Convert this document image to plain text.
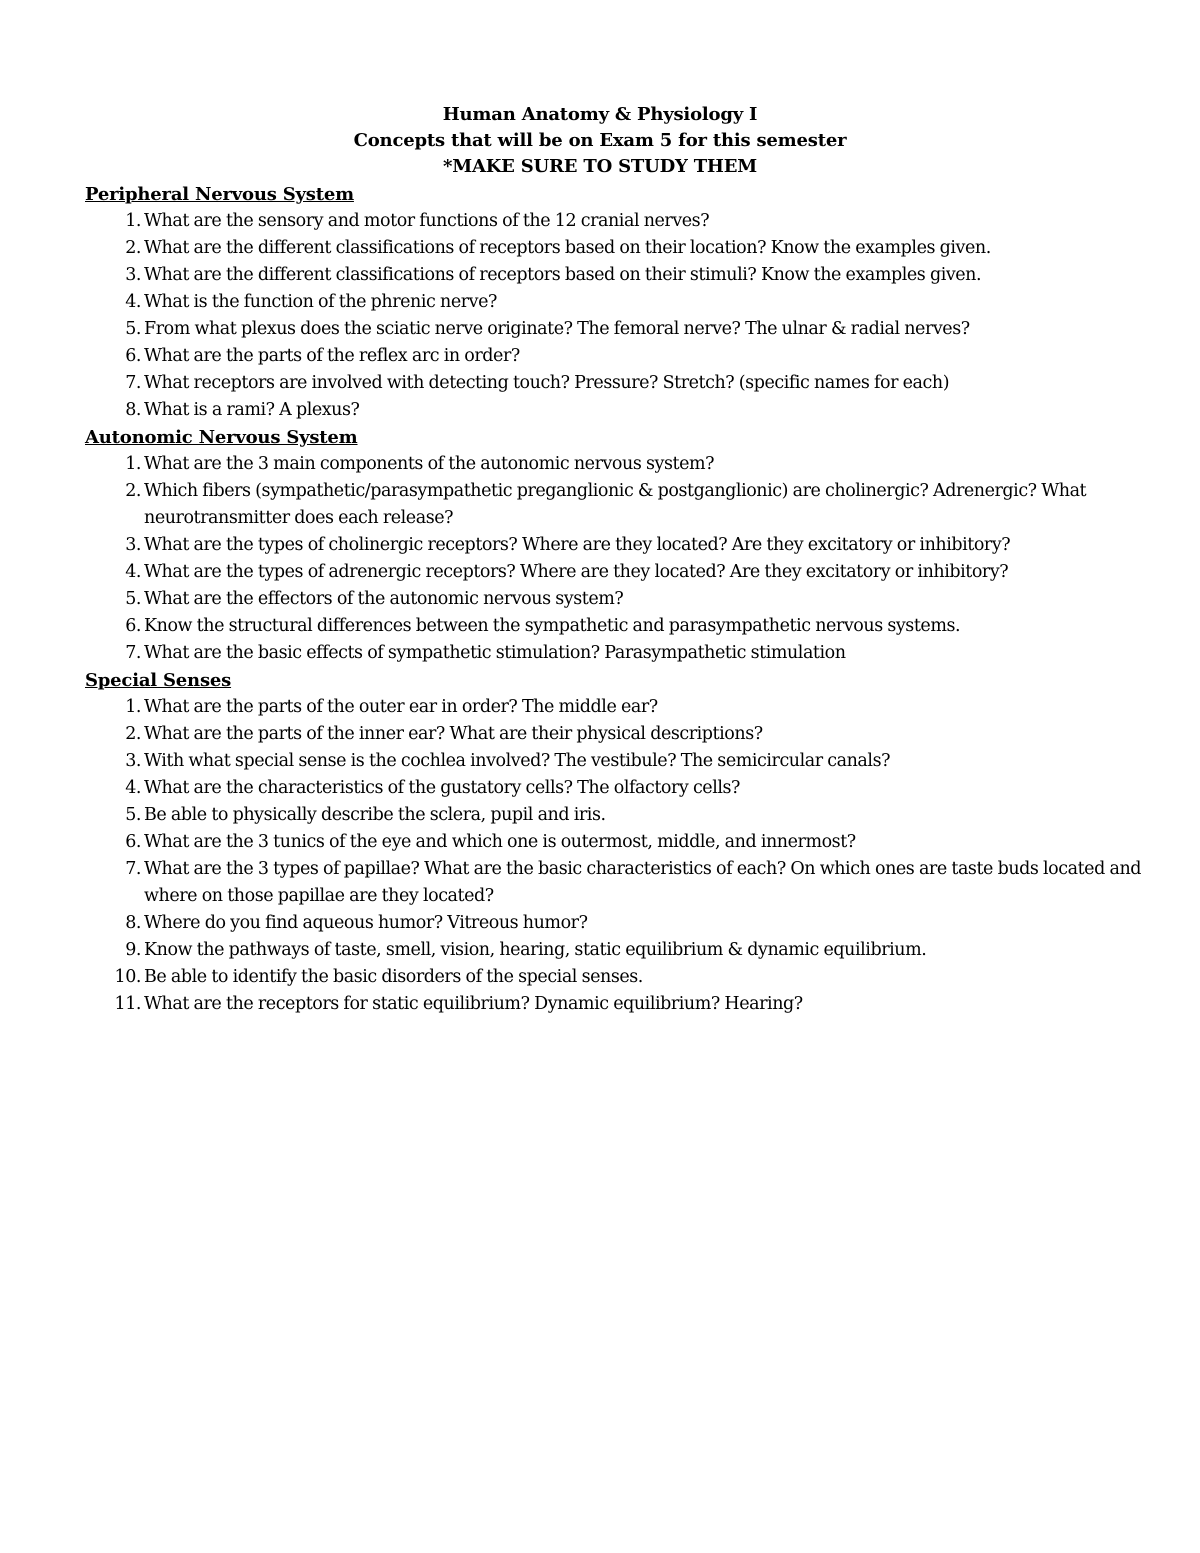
Human Anatomy & Physiology I
Concepts that will be on Exam 5 for this semester
*MAKE SURE TO STUDY THEM
Peripheral Nervous System
1. What are the sensory and motor functions of the 12 cranial nerves?
2. What are the different classifications of receptors based on their location? Know the examples given.
3. What are the different classifications of receptors based on their stimuli? Know the examples given.
4. What is the function of the phrenic nerve?
5. From what plexus does the sciatic nerve originate? The femoral nerve? The ulnar & radial nerves?
6. What are the parts of the reflex arc in order?
7. What receptors are involved with detecting touch? Pressure? Stretch? (specific names for each)
8. What is a rami? A plexus?
Autonomic Nervous System
1. What are the 3 main components of the autonomic nervous system?
2. Which fibers (sympathetic/parasympathetic preganglionic & postganglionic) are cholinergic? Adrenergic? What neurotransmitter does each release?
3. What are the types of cholinergic receptors? Where are they located? Are they excitatory or inhibitory?
4. What are the types of adrenergic receptors? Where are they located? Are they excitatory or inhibitory?
5. What are the effectors of the autonomic nervous system?
6. Know the structural differences between the sympathetic and parasympathetic nervous systems.
7. What are the basic effects of sympathetic stimulation? Parasympathetic stimulation
Special Senses
1. What are the parts of the outer ear in order? The middle ear?
2. What are the parts of the inner ear? What are their physical descriptions?
3. With what special sense is the cochlea involved? The vestibule? The semicircular canals?
4. What are the characteristics of the gustatory cells? The olfactory cells?
5. Be able to physically describe the sclera, pupil and iris.
6. What are the 3 tunics of the eye and which one is outermost, middle, and innermost?
7. What are the 3 types of papillae? What are the basic characteristics of each? On which ones are taste buds located and where on those papillae are they located?
8. Where do you find aqueous humor? Vitreous humor?
9. Know the pathways of taste, smell, vision, hearing, static equilibrium & dynamic equilibrium.
10. Be able to identify the basic disorders of the special senses.
11. What are the receptors for static equilibrium? Dynamic equilibrium? Hearing?
